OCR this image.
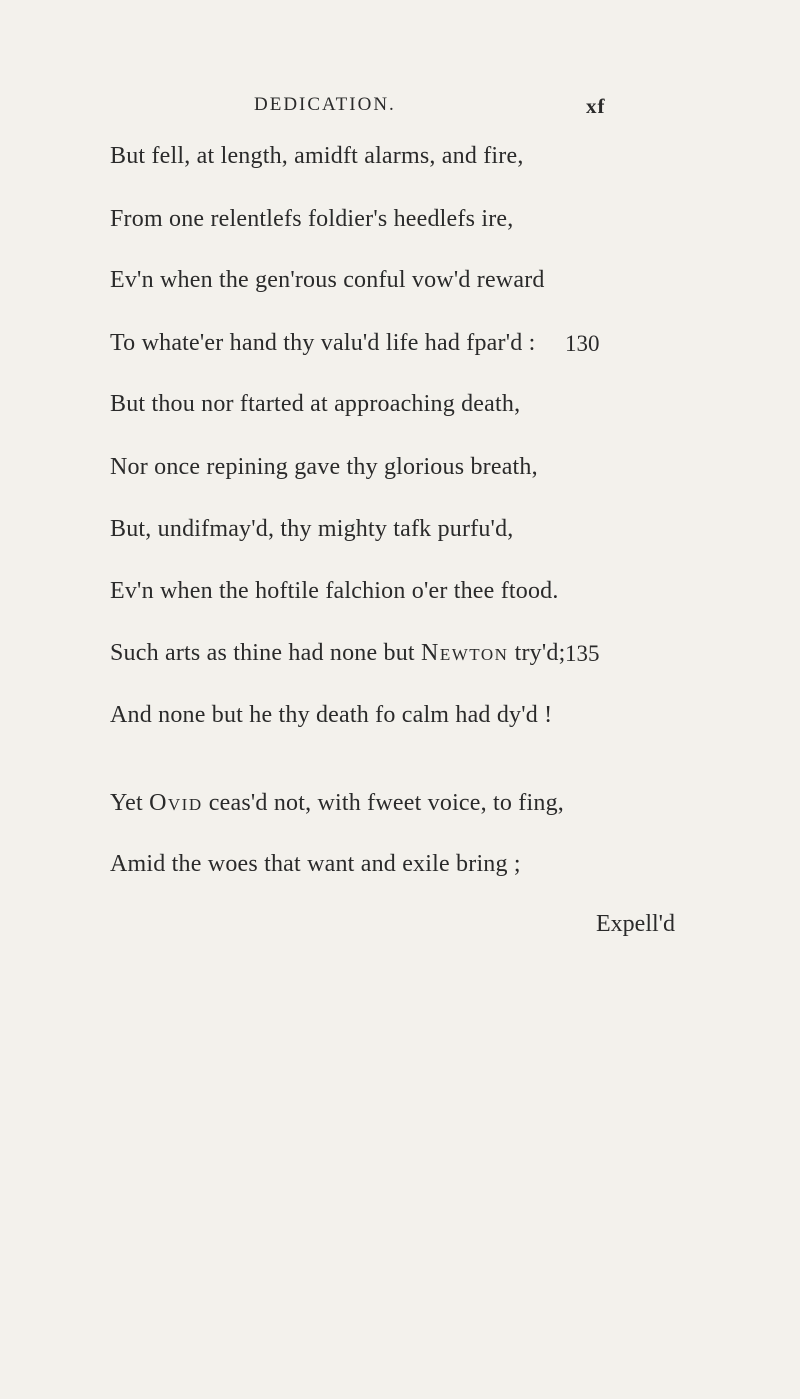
DEDICATION.	xf
But fell, at length, amidft alarms, and fire,
From one relentlefs foldier's heedlefs ire,
Ev'n when the gen'rous conful vow'd reward
To whate'er hand thy valu'd life had fpar'd : 130
But thou nor ftarted at approaching death,
Nor once repining gave thy glorious breath,
But, undifmay'd, thy mighty tafk purfu'd,
Ev'n when the hoftile falchion o'er thee ftood.
Such arts as thine had none but Newton try'd; 135
And none but he thy death fo calm had dy'd !
Yet Ovid ceas'd not, with fweet voice, to fing,
Amid the woes that want and exile bring ;
Expell'd
